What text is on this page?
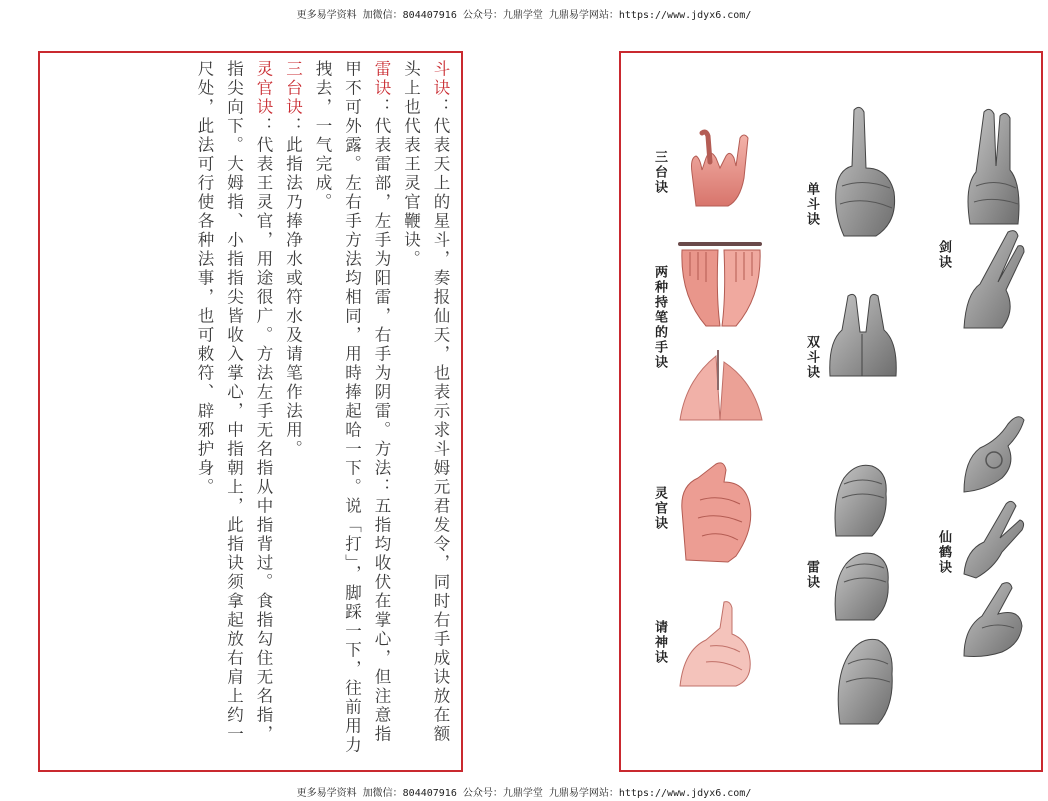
更多易学资料 加微信：804407916 公众号：九鼎学堂 九鼎易学网站：https://www.jdyx6.com/

斗诀：代表天上的星斗，奏报仙天，也表示求斗姆元君发令，同时右手成诀放在额头上也代表王灵官鞭诀。

雷诀：代表雷部，左手为阳雷，右手为阴雷。方法：五指均收伏在掌心，但注意指甲不可外露。左右手方法均相同，用時捧起哈一下。说「打」，脚踩一下，往前用力拽去，一气完成。

三台诀：此指法乃捧净水或符水及请笔作法用。

灵官诀：代表王灵官，用途很广。方法左手无名指从中指背过。食指勾住无名指，指尖向下。大姆指、小指指尖皆收入掌心，中指朝上，此指诀须拿起放右肩上约一尺处，此法可行使各种法事，也可敕符、辟邪护身。	三台诀
两种持笔的手诀
灵官诀
请神诀
单斗诀
双斗诀
雷诀
剑诀
仙鹤诀
更多易学资料 加微信：804407916 公众号：九鼎学堂 九鼎易学网站：https://www.jdyx6.com/
